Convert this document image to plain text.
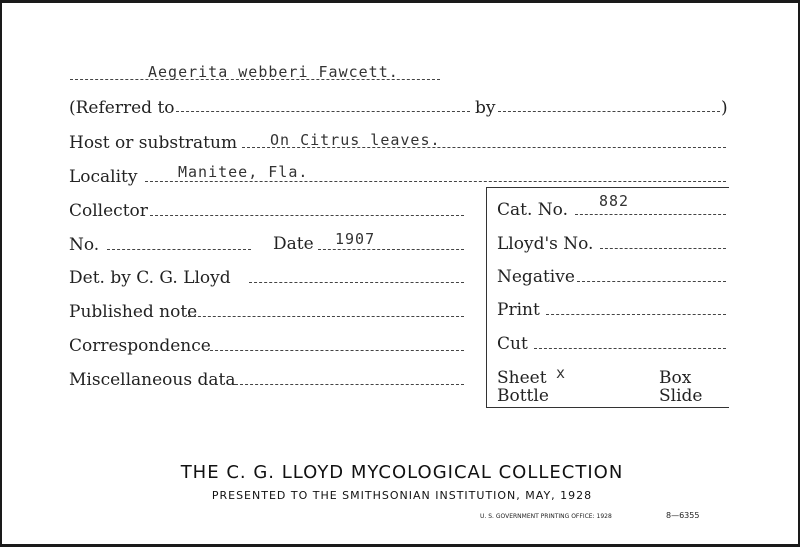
Aegerita webberi Fawcett.
(Referred to	by	)
Host or substratum On Citrus leaves.
Locality	Manitee, Fla.
Collector	Cat. No. 882
No.	Date 1907	Lloyd's No.
Det. by C. G. Lloyd	Negative
Published note	Print
Correspondence	Cut
Miscellaneous data	Sheet x	Box
Bottle	Slide
THE C. G. LLOYD MYCOLOGICAL COLLECTION
PRESENTED TO THE SMITHSONIAN INSTITUTION, MAY, 1928
U. S. GOVERNMENT PRINTING OFFICE: 1928	8—6355
